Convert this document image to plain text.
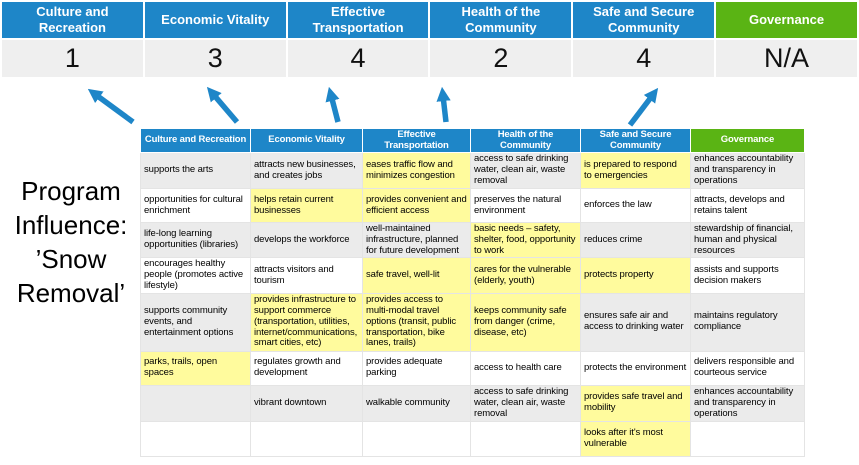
Culture and Recreation
1
Economic Vitality
3
Effective Transportation
4
Health of the Community
2
Safe and Secure Community
4
Governance
N/A
Program Influence: ’Snow Removal’
Culture and Recreation	Economic Vitality	Effective Transportation	Health of the Community	Safe and Secure Community	Governance
supports the arts	attracts new businesses, and creates jobs	eases traffic flow and minimizes congestion	access to safe drinking water, clean air, waste removal	is prepared to respond to emergencies	enhances accountability and transparency in operations
opportunities for cultural enrichment	helps retain current businesses	provides convenient and efficient access	preserves the natural environment	enforces the law	attracts, develops and retains talent
life-long learning opportunities (libraries)	develops the workforce	well-maintained infrastructure, planned for future development	basic needs – safety, shelter, food, opportunity to work	reduces crime	stewardship of financial, human and physical resources
encourages healthy people (promotes active lifestyle)	attracts visitors and tourism	safe travel, well-lit	cares for the vulnerable (elderly, youth)	protects property	assists and supports decision makers
supports community events, and entertainment options	provides infrastructure to support commerce (transportation, utilities, internet/communications, smart cities, etc)	provides access to multi-modal travel options (transit, public transportation, bike lanes, trails)	keeps community safe from danger (crime, disease, etc)	ensures safe air and access to drinking water	maintains regulatory compliance
parks, trails, open spaces	regulates growth and development	provides adequate parking	access to health care	protects the environment	delivers responsible and courteous service
	vibrant downtown	walkable community	access to safe drinking water, clean air, waste removal	provides safe travel and mobility	enhances accountability and transparency in operations
				looks after it's most vulnerable	
